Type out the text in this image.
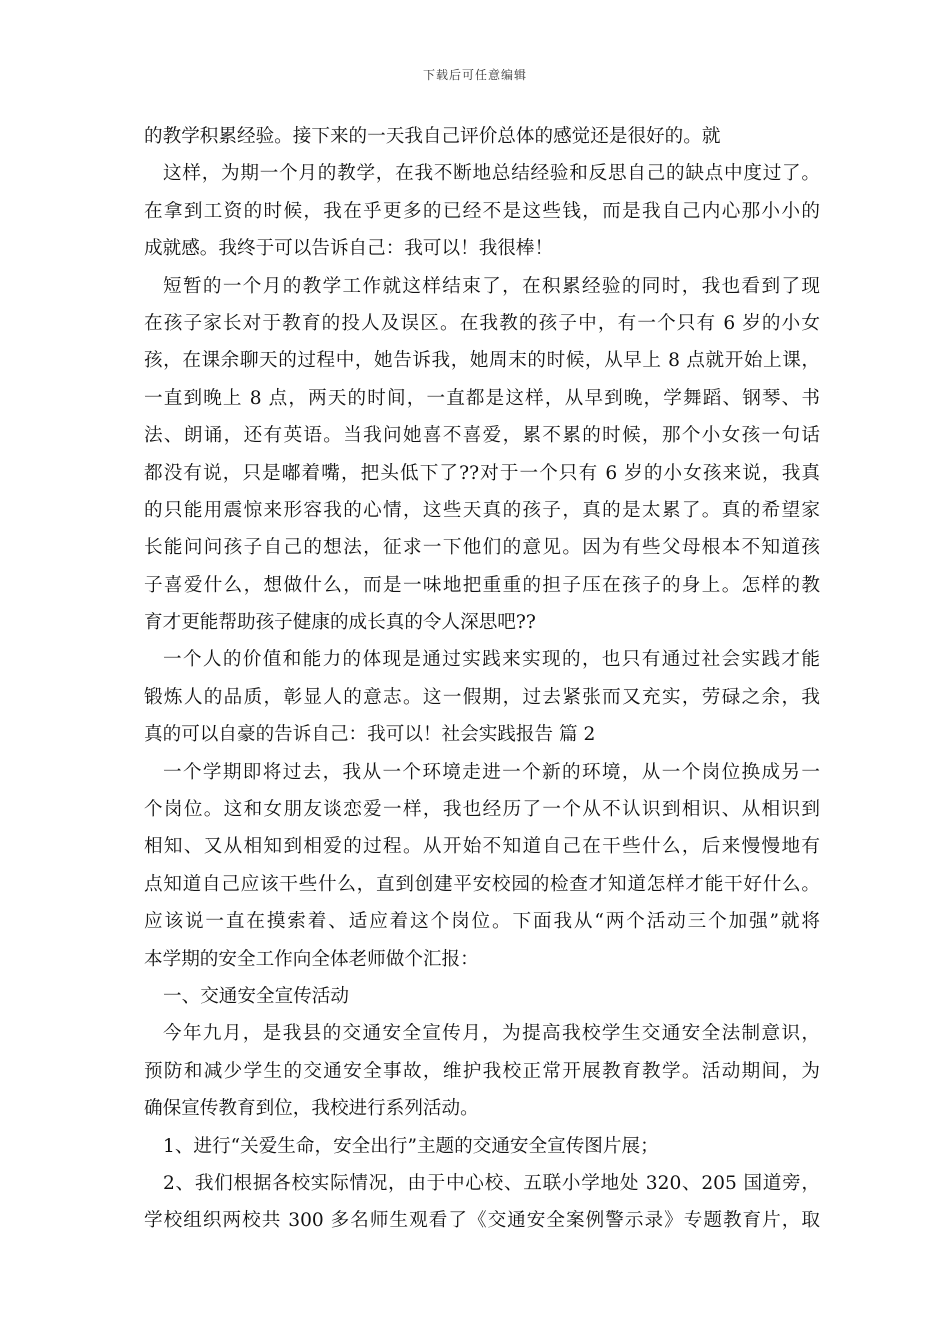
下载后可任意编辑
的教学积累经验。接下来的一天我自己评价总体的感觉还是很好的。就
这样，为期一个月的教学，在我不断地总结经验和反思自己的缺点中度过了。
在拿到工资的时候，我在乎更多的已经不是这些钱，而是我自己内心那小小的
成就感。我终于可以告诉自己：我可以！我很棒！
短暂的一个月的教学工作就这样结束了，在积累经验的同时，我也看到了现
在孩子家长对于教育的投人及误区。在我教的孩子中，有一个只有 6 岁的小女
孩，在课余聊天的过程中，她告诉我，她周末的时候，从早上 8 点就开始上课，
一直到晚上 8 点，两天的时间，一直都是这样，从早到晚，学舞蹈、钢琴、书
法、朗诵，还有英语。当我问她喜不喜爱，累不累的时候，那个小女孩一句话
都没有说，只是嘟着嘴，把头低下了??对于一个只有 6 岁的小女孩来说，我真
的只能用震惊来形容我的心情，这些天真的孩子，真的是太累了。真的希望家
长能问问孩子自己的想法，征求一下他们的意见。因为有些父母根本不知道孩
子喜爱什么，想做什么，而是一味地把重重的担子压在孩子的身上。怎样的教
育才更能帮助孩子健康的成长真的令人深思吧??
一个人的价值和能力的体现是通过实践来实现的，也只有通过社会实践才能
锻炼人的品质，彰显人的意志。这一假期，过去紧张而又充实，劳碌之余，我
真的可以自豪的告诉自己：我可以！社会实践报告 篇 2
一个学期即将过去，我从一个环境走进一个新的环境，从一个岗位换成另一
个岗位。这和女朋友谈恋爱一样，我也经历了一个从不认识到相识、从相识到
相知、又从相知到相爱的过程。从开始不知道自己在干些什么，后来慢慢地有
点知道自己应该干些什么，直到创建平安校园的检查才知道怎样才能干好什么。
应该说一直在摸索着、适应着这个岗位。下面我从“两个活动三个加强”就将
本学期的安全工作向全体老师做个汇报：
一、交通安全宣传活动
今年九月，是我县的交通安全宣传月，为提高我校学生交通安全法制意识，
预防和减少学生的交通安全事故，维护我校正常开展教育教学。活动期间，为
确保宣传教育到位，我校进行系列活动。
1、进行“关爱生命，安全出行”主题的交通安全宣传图片展；
2、我们根据各校实际情况，由于中心校、五联小学地处 320、205 国道旁，
学校组织两校共 300 多名师生观看了《交通安全案例警示录》专题教育片，取
